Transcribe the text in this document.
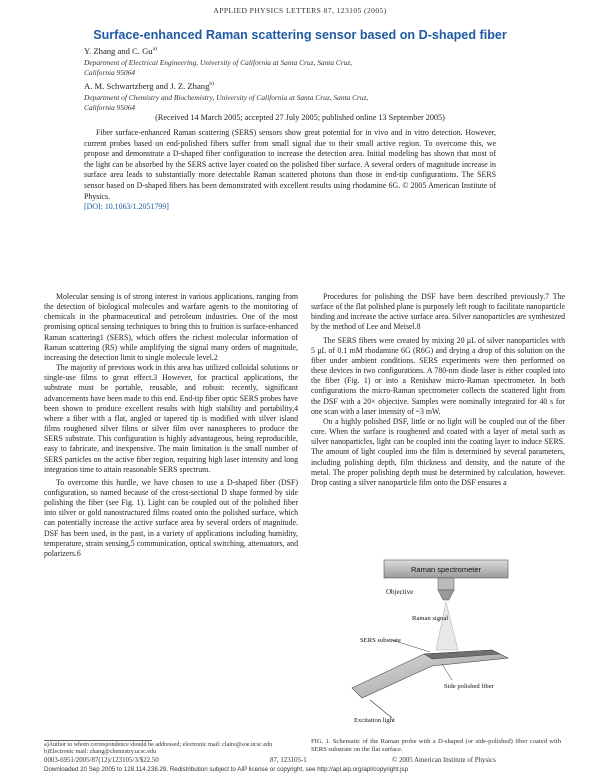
APPLIED PHYSICS LETTERS 87, 123105 (2005)
Surface-enhanced Raman scattering sensor based on D-shaped fiber
Y. Zhang and C. Gu$^{a)}$
Department of Electrical Engineering, University of California at Santa Cruz, Santa Cruz,
California 95064
A. M. Schwartzberg and J. Z. Zhang$^{b)}$
Department of Chemistry and Biochemistry, University of California at Santa Cruz, Santa Cruz,
California 95064
(Received 14 March 2005; accepted 27 July 2005; published online 13 September 2005)

Fiber surface-enhanced Raman scattering (SERS) sensors show great potential for in vivo and in vitro detection. However, current probes based on end-polished fibers suffer from small signal due to their small active region. To overcome this, we propose and demonstrate a D-shaped fiber configuration to increase the detection area. Initial modeling has shown that most of the light can be absorbed by the SERS active layer coated on the polished fiber surface. A several orders of magnitude increase in surface area leads to substantially more detectable Raman scattered photons than those in end-tip configurations. The SERS sensor based on D-shaped fibers has been demonstrated with excellent results using rhodamine 6G. © 2005 American Institute of Physics.

[DOI: 10.1063/1.2051799]

Molecular sensing is of strong interest in various applications, ranging from the detection of biological molecules and warfare agents to the monitoring of chemicals in the pharmaceutical and petroleum industries. One of the most promising optical sensing techniques to bring this to fruition is surface-enhanced Raman scattering1 (SERS), which offers the richest molecular information of Raman scattering (RS) while amplifying the signal many orders of magnitude, increasing the detection limit to single molecule level.2

The majority of previous work in this area has utilized colloidal solutions or single-use films to great effect.3 However, for practical applications, the substrate must be portable, reusable, and robust: recently, significant advancements have been made to this end. End-tip fiber optic SERS probes have been shown to produce excellent results with high stability and portability,4 where a fiber with a flat, angled or tapered tip is modified with silver island films roughened silver films or silver film over nanospheres to produce the SERS substrate. This configuration is highly advantageous, being reproducible, easy to fabricate, and inexpensive. The main limitation is the small number of SERS particles on the active fiber region, requiring high laser intensity and long integration time to attain reasonable SERS spectrum.

To overcome this hurdle, we have chosen to use a D-shaped fiber (DSF) configuration, so named because of the cross-sectional D shape formed by side polishing the fiber (see Fig. 1). Light can be coupled out of the polished fiber into silver or gold nanostructured films coated onto the polished surface, which can potentially increase the active surface area by several orders of magnitude. DSF has been used, in the past, in a variety of applications including humidity, temperature, strain sensing,5 communication, optical switching, attenuators, and polarizers.6

Procedures for polishing the DSF have been described previously.7 The surface of the flat polished plane is purposely left rough to facilitate nanoparticle binding and increase the active surface area. Silver nanoparticles are synthesized by the method of Lee and Meisel.8

The SERS fibers were created by mixing 20 μL of silver nanoparticles with 5 μL of 0.1 mM rhodamine 6G (R6G) and drying a drop of this solution on the fiber under ambient conditions. SERS experiments were then performed on these devices in two configurations. A 780-nm diode laser is either coupled into the fiber (Fig. 1) or into a Renishaw micro-Raman spectrometer. In both configurations the micro-Raman spectrometer collects the scattered light from the DSF with a 20× objective. Samples were nominally integrated for 40 s for one scan with a laser intensity of ~3 mW.

On a highly polished DSF, little or no light will be coupled out of the fiber core. When the surface is roughened and coated with a layer of metal such as silver nanoparticles, light can be coupled into the coating layer to induce SERS. The amount of light coupled into the film is determined by several parameters, including polishing depth, film thickness and density, and the nature of the metal. The proper polishing depth must be determined by calculation, however. Drop casting a silver nanoparticle film onto the DSF ensures a

Raman spectrometer
Objective
Raman signal
SERS substrate
Side polished fiber
Excitation light
FIG. 1. Schematic of the Raman probe with a D-shaped (or side-polished) fiber coated with SERS substrate on the flat surface.

a)Author to whom correspondence should be addressed; electronic mail: claire@soe.ucsc.edu

b)Electronic mail: zhang@chemistry.ucsc.edu

0003-6951/2005/87(12)/123105/3/$22.50	87, 123105-1	© 2005 American Institute of Physics
Downloaded 20 Sep 2005 to 128.114.238.29. Redistribution subject to AIP license or copyright, see http://apl.aip.org/apl/copyright.jsp
